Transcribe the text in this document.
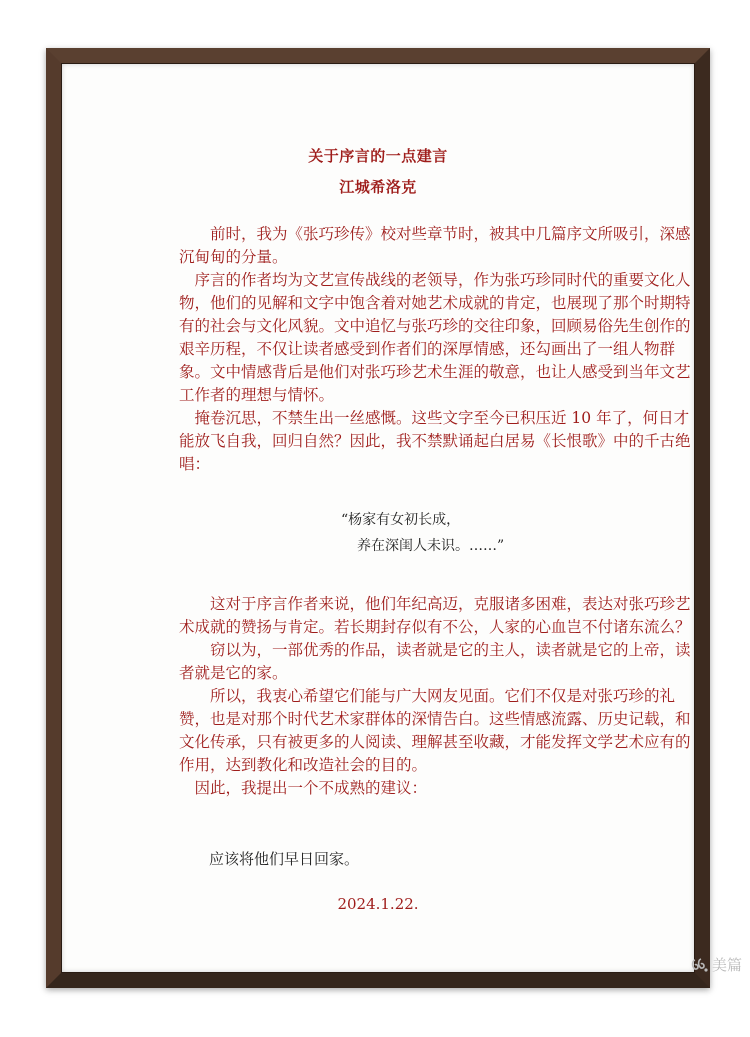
关于序言的一点建言
江城希洛克

前时，我为《张巧珍传》校对些章节时，被其中几篇序文所吸引，深感沉甸甸的分量。

序言的作者均为文艺宣传战线的老领导，作为张巧珍同时代的重要文化人物，他们的见解和文字中饱含着对她艺术成就的肯定，也展现了那个时期特有的社会与文化风貌。文中追忆与张巧珍的交往印象，回顾易俗先生创作的艰辛历程，不仅让读者感受到作者们的深厚情感，还勾画出了一组人物群象。文中情感背后是他们对张巧珍艺术生涯的敬意，也让人感受到当年文艺工作者的理想与情怀。

掩卷沉思，不禁生出一丝感慨。这些文字至今已积压近 10 年了，何日才能放飞自我，回归自然？因此，我不禁默诵起白居易《长恨歌》中的千古绝唱：

“杨家有女初长成，
养在深闺人未识。……”

这对于序言作者来说，他们年纪高迈，克服诸多困难，表达对张巧珍艺术成就的赞扬与肯定。若长期封存似有不公，人家的心血岂不付诸东流么？

窃以为，一部优秀的作品，读者就是它的主人，读者就是它的上帝，读者就是它的家。

所以，我衷心希望它们能与广大网友见面。它们不仅是对张巧珍的礼赞，也是对那个时代艺术家群体的深情告白。这些情感流露、历史记载，和文化传承，只有被更多的人阅读、理解甚至收藏，才能发挥文学艺术应有的作用，达到教化和改造社会的目的。

因此，我提出一个不成熟的建议：

应该将他们早日回家。
2024.1.22.
美篇
